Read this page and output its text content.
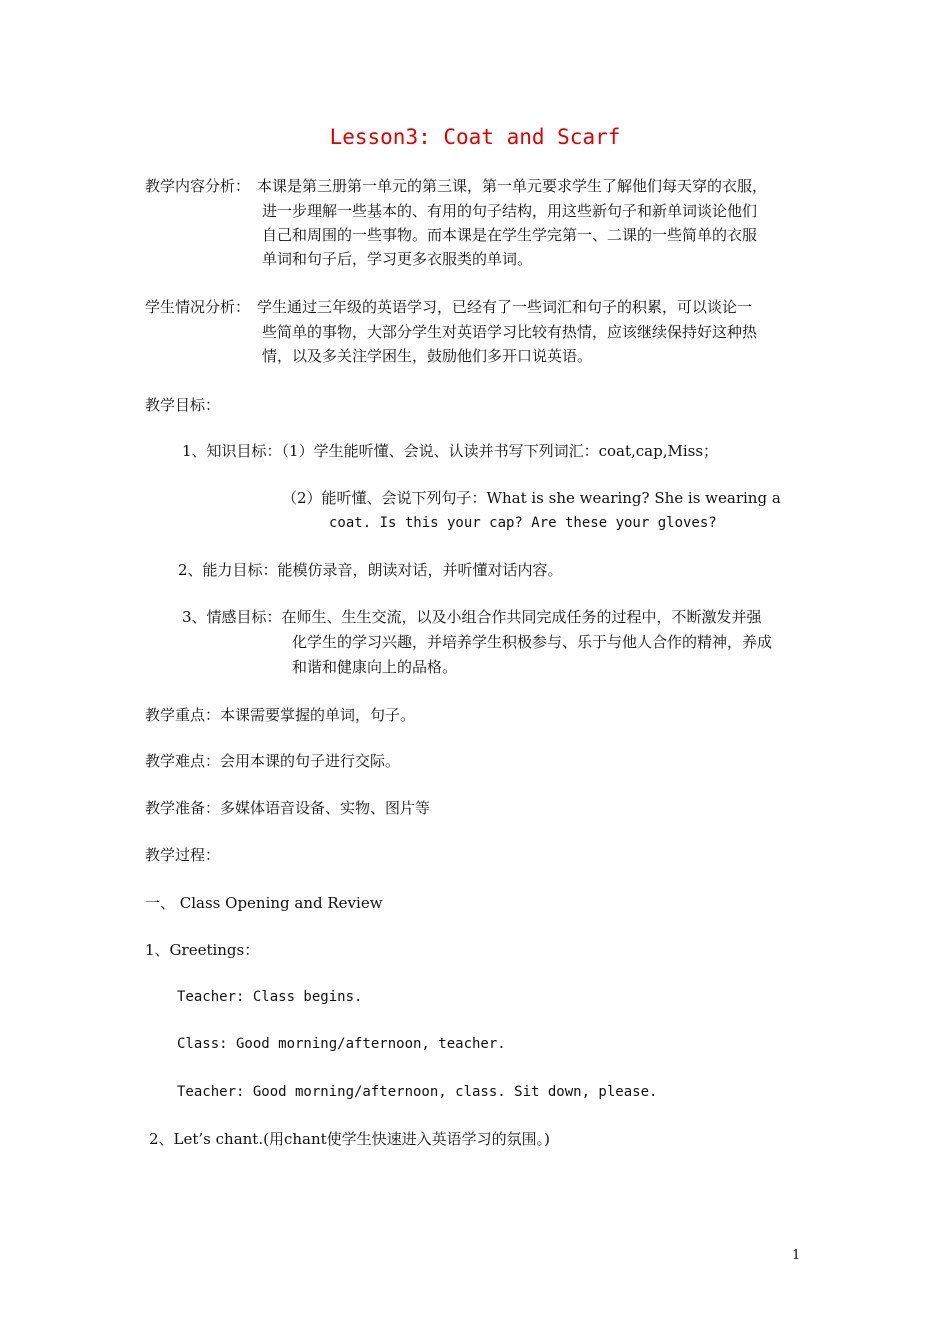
Lesson3: Coat and Scarf
教学内容分析： 本课是第三册第一单元的第三课，第一单元要求学生了解他们每天穿的衣服，
进一步理解一些基本的、有用的句子结构，用这些新句子和新单词谈论他们
自己和周围的一些事物。而本课是在学生学完第一、二课的一些简单的衣服
单词和句子后，学习更多衣服类的单词。
学生情况分析： 学生通过三年级的英语学习，已经有了一些词汇和句子的积累，可以谈论一
些简单的事物，大部分学生对英语学习比较有热情，应该继续保持好这种热
情，以及多关注学困生，鼓励他们多开口说英语。
教学目标：
1、知识目标：（1）学生能听懂、会说、认读并书写下列词汇：coat,cap,Miss；
（2）能听懂、会说下列句子：What is she wearing? She is wearing a
coat. Is this your cap? Are these your gloves?
2、能力目标：能模仿录音，朗读对话，并听懂对话内容。
3、情感目标：在师生、生生交流，以及小组合作共同完成任务的过程中，不断激发并强
化学生的学习兴趣，并培养学生积极参与、乐于与他人合作的精神，养成
和谐和健康向上的品格。
教学重点：本课需要掌握的单词，句子。
教学难点：会用本课的句子进行交际。
教学准备：多媒体语音设备、实物、图片等
教学过程：
一、 Class Opening and Review
1、Greetings：
Teacher: Class begins.
Class: Good morning/afternoon, teacher.
Teacher: Good morning/afternoon, class. Sit down, please.
2、Let’s chant.(用chant使学生快速进入英语学习的氛围。)
1
